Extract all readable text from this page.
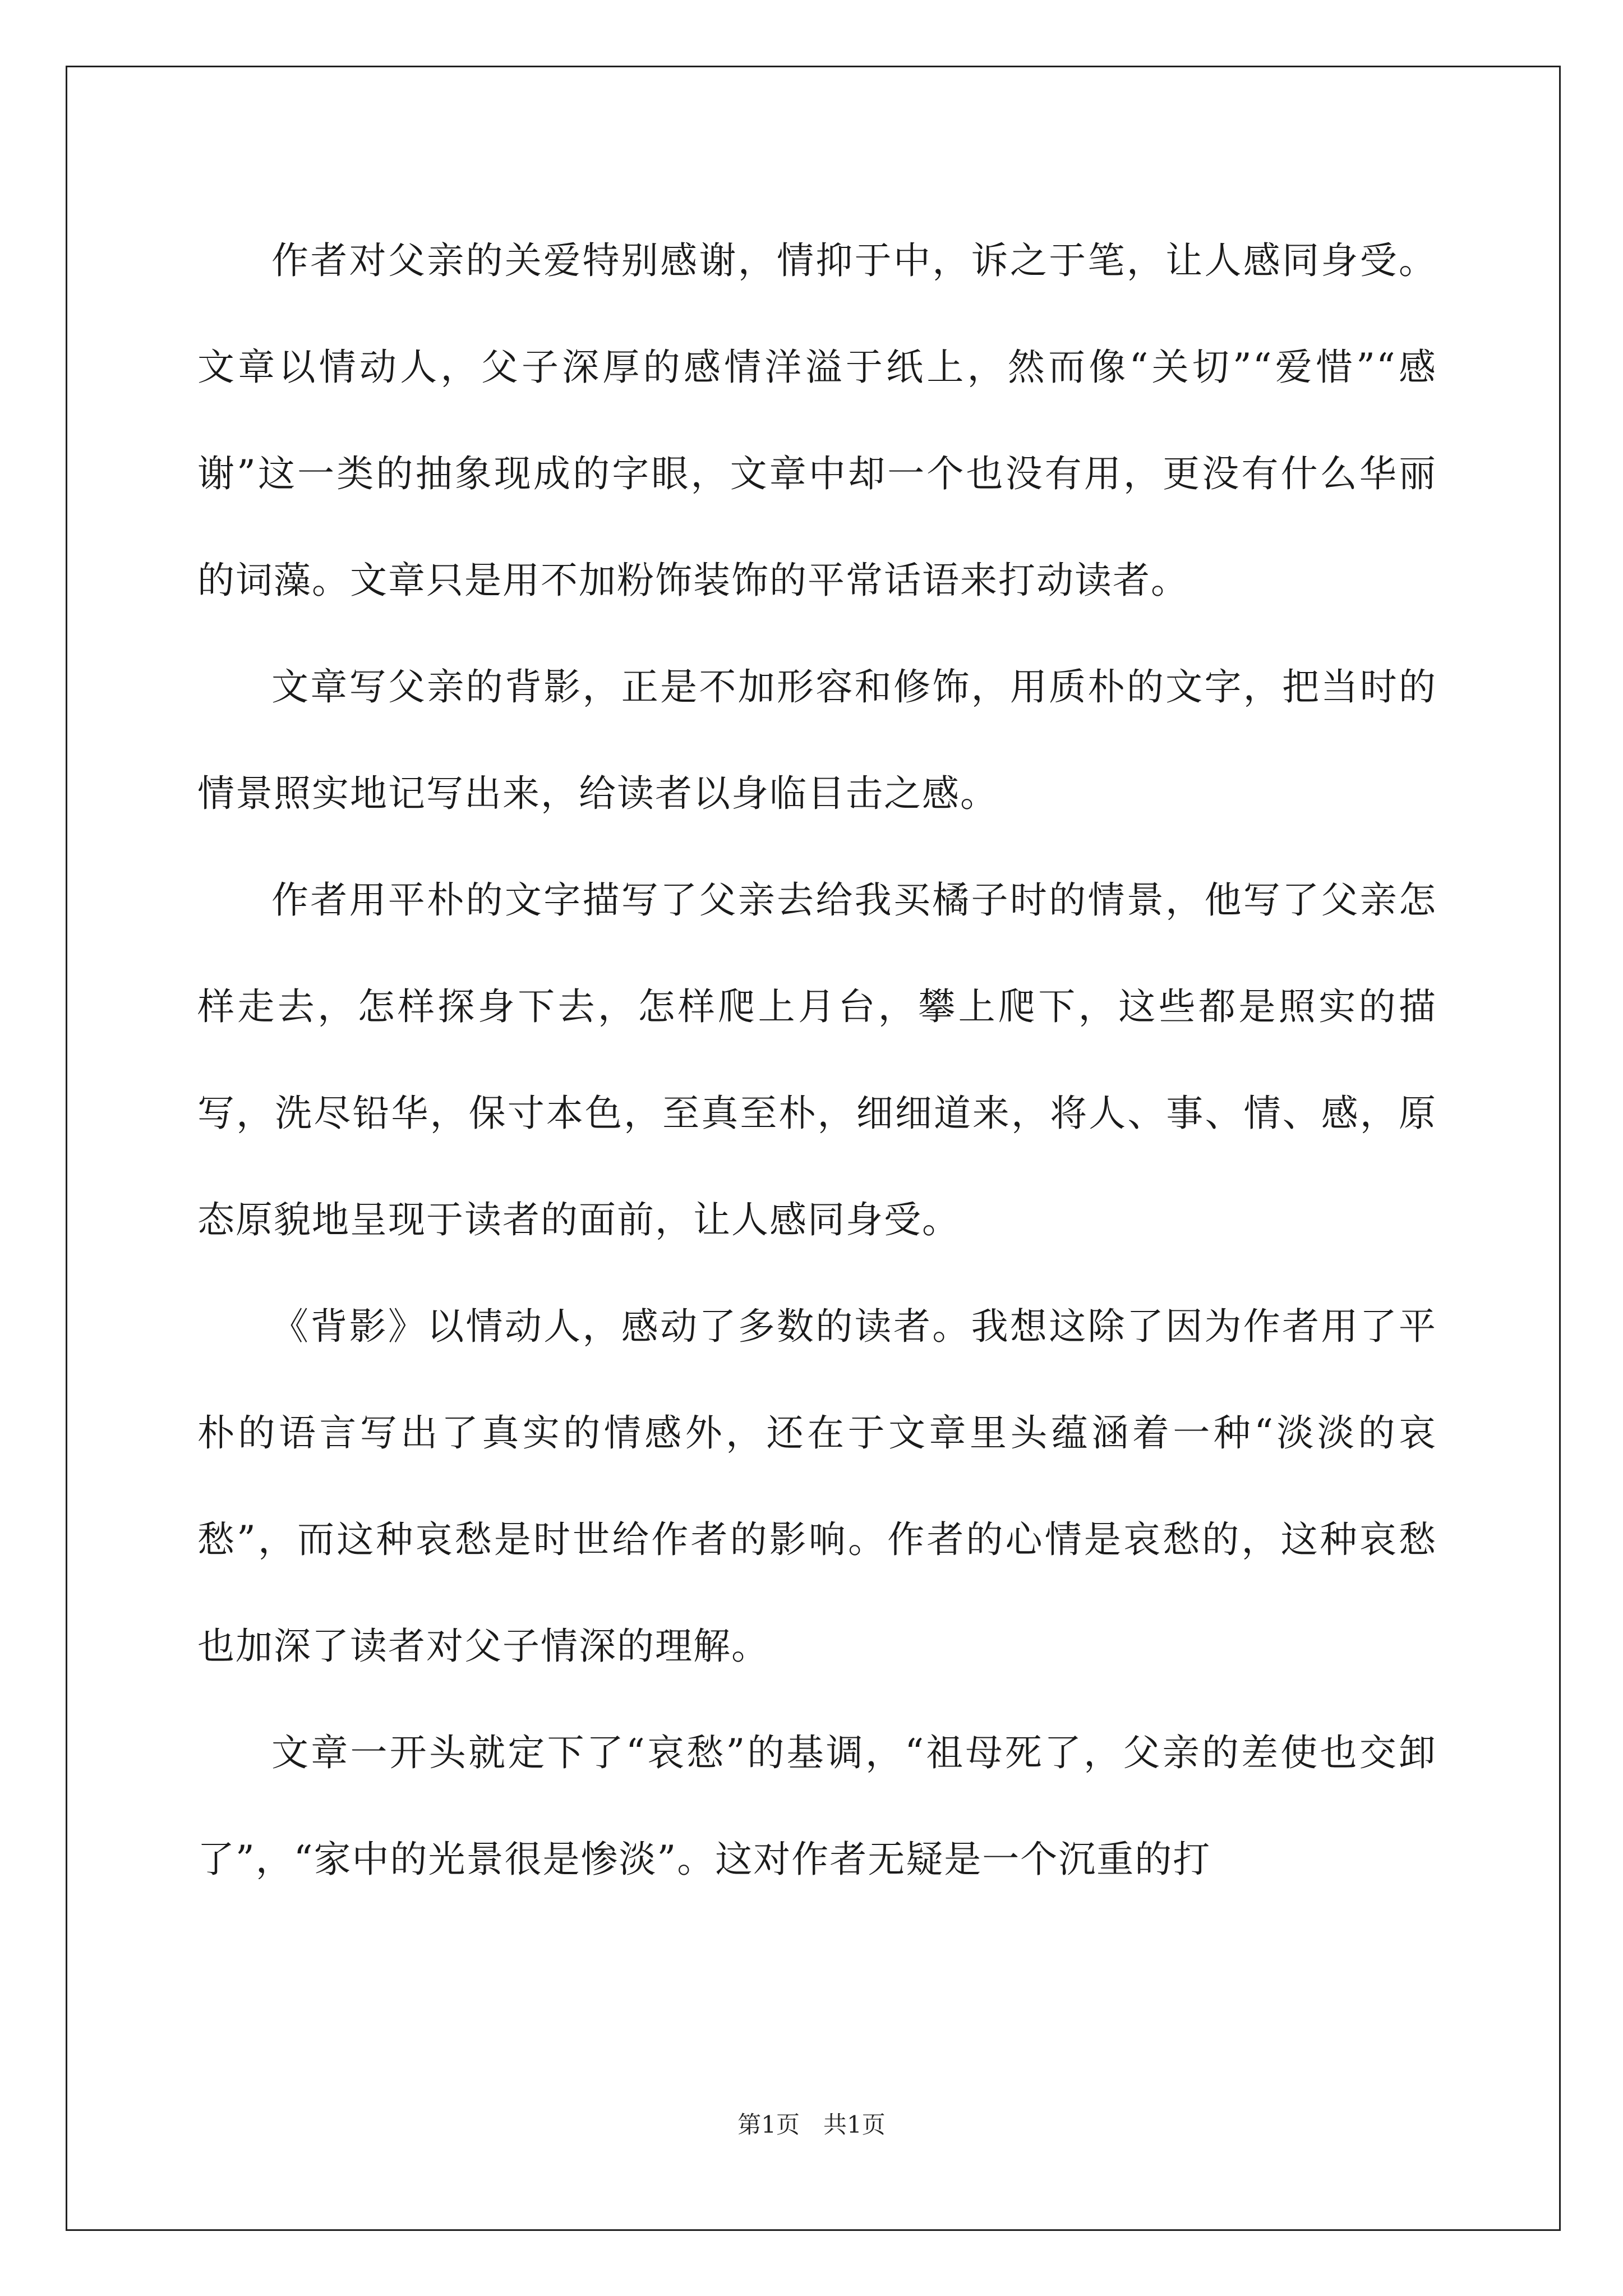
作者对父亲的关爱特别感谢，情抑于中，诉之于笔，让人感同身受。文章以情动人，父子深厚的感情洋溢于纸上，然而像“关切”“爱惜”“感谢”这一类的抽象现成的字眼，文章中却一个也没有用，更没有什么华丽的词藻。文章只是用不加粉饰装饰的平常话语来打动读者。

文章写父亲的背影，正是不加形容和修饰，用质朴的文字，把当时的情景照实地记写出来，给读者以身临目击之感。

作者用平朴的文字描写了父亲去给我买橘子时的情景，他写了父亲怎样走去，怎样探身下去，怎样爬上月台，攀上爬下，这些都是照实的描写，洗尽铅华，保寸本色，至真至朴，细细道来，将人、事、情、感，原态原貌地呈现于读者的面前，让人感同身受。

《背影》以情动人，感动了多数的读者。我想这除了因为作者用了平朴的语言写出了真实的情感外，还在于文章里头蕴涵着一种“淡淡的哀愁”，而这种哀愁是时世给作者的影响。作者的心情是哀愁的，这种哀愁也加深了读者对父子情深的理解。

文章一开头就定下了“哀愁”的基调，“祖母死了，父亲的差使也交卸了”，“家中的光景很是惨淡”。这对作者无疑是一个沉重的打

第1页　共1页
